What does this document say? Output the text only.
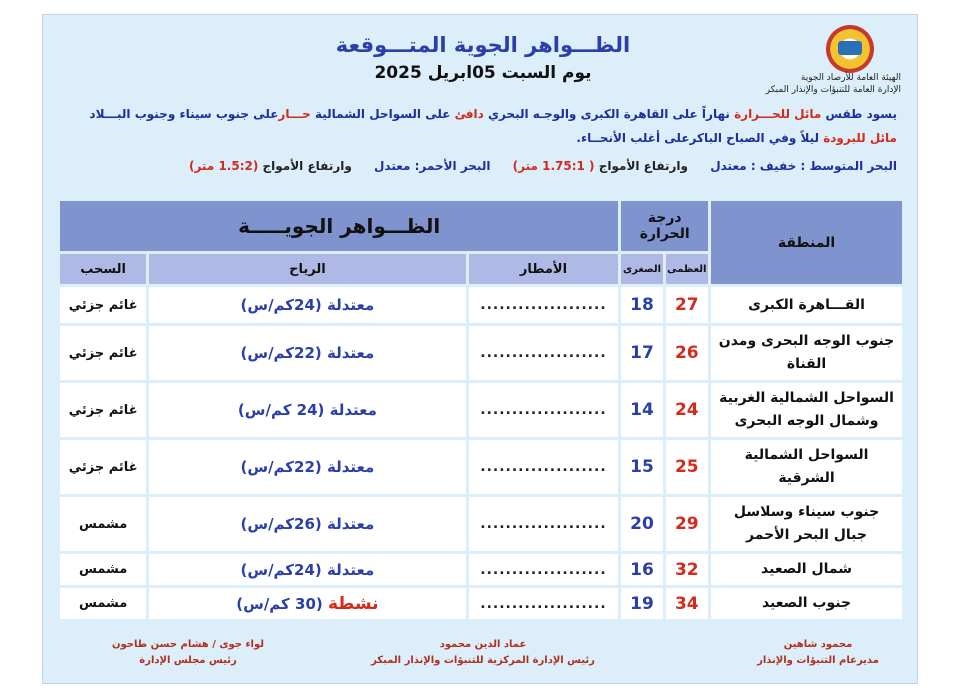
الهيئة العامة للأرصاد الجوية
الإدارة العامة للتنبؤات والإنذار المبكر
الظـــواهر الجوية المتـــوقعة
يوم السبت 05ابريل 2025
يسود طقس مائل للحـــرارة نهاراً على القاهرة الكبرى والوجـه البحري دافئ على السواحل الشمالية حـــارعلى جنوب سيناء وجنوب البـــلاد
مائل للبرودة ليلاً وفي الصباح الباكرعلى أغلب الأنحــاء.
البحر المتوسط : خفيف : معتدل وارتفاع الأمواج ( 1.75:1 متر) البحر الأحمر: معتدل وارتفاع الأمواج (1.5:2 متر)
المنطقة	درجة الحرارة		الظـــواهر الجويـــــة		
	العظمى	الصغرى	الأمطار	الرياح	السحب
القـــاهرة الكبرى	27	18	....................	معتدلة (24كم/س)	غائم جزئي
جنوب الوجه البحرى ومدن القناة	26	17	....................	معتدلة (22كم/س)	غائم جزئي
السواحل الشمالية الغربية وشمال الوجه البحرى	24	14	....................	معتدلة (24 كم/س)	غائم جزئي
السواحل الشمالية الشرقية	25	15	....................	معتدلة (22كم/س)	غائم جزئي
جنوب سيناء وسلاسل جبال البحر الأحمر	29	20	....................	معتدلة (26كم/س)	مشمس
شمال الصعيد	32	16	....................	معتدلة (24كم/س)	مشمس
جنوب الصعيد	34	19	....................	نشطة (30 كم/س)	مشمس
محمود شاهين
مديرعام التنبؤات والإنذار
عماد الدين محمود
رئيس الإدارة المركزية للتنبؤات والإنذار المبكر
لواء جوى / هشام حسن طاحون
رئيس مجلس الإدارة
